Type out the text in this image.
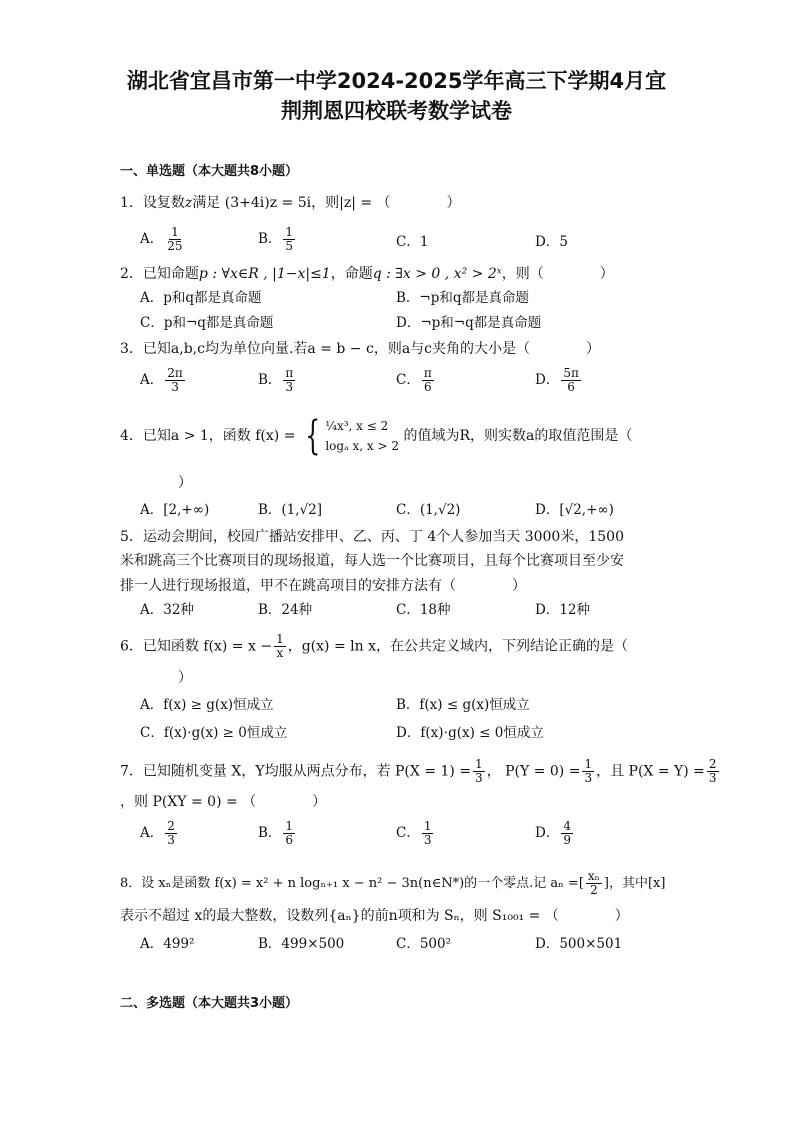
湖北省宜昌市第一中学2024-2025学年高三下学期4月宜
荆荆恩四校联考数学试卷
一、单选题（本大题共8小题）
1．设复数z满足 (3+4i)z = 5i，则|z| = （　　　　）
A． $\frac{1}{25}$	B． $\frac{1}{5}$	C．1	D．5
2．已知命题p : ∀x∈R , |1−x|≤1，命题q : ∃x > 0 , x² > 2ˣ，则（　　　　）
A．p和q都是真命题	B．¬p和q都是真命题
C．p和¬q都是真命题	D．¬p和¬q都是真命题
3．已知a,b,c均为单位向量.若a = b − c，则a与c夹角的大小是（　　　　）
A． $\frac{2\pi}{3}$	B． $\frac{\pi}{3}$	C． $\frac{\pi}{6}$	D． $\frac{5\pi}{6}$
4．已知a > 1，函数 f(x) = { ¼x³, x ≤ 2
logₐ x, x > 2
的值域为R，则实数a的取值范围是（
）
A．[2,+∞)	B．(1,√2]	C．(1,√2)	D．[√2,+∞)
5．运动会期间，校园广播站安排甲、乙、丙、丁 4个人参加当天 3000米，1500
米和跳高三个比赛项目的现场报道，每人选一个比赛项目，且每个比赛项目至少安
排一人进行现场报道，甲不在跳高项目的安排方法有（　　　　）
A．32种	B．24种	C．18种	D．12种
6．已知函数 $f(x) = x - \frac{1}{x}$ ，g(x) = ln x，在公共定义域内，下列结论正确的是（
）
A．f(x) ≥ g(x)恒成立	B．f(x) ≤ g(x)恒成立
C．f(x)⋅g(x) ≥ 0恒成立	D．f(x)⋅g(x) ≤ 0恒成立
7．已知随机变量 X，Y均服从两点分布，若 $P(X = 1) = \frac{1}{3}$ ， $P(Y = 0) = \frac{1}{3}$ ，且 $P(X = Y) = \frac{2}{3}$
，则 P(XY = 0) = （　　　　）
A． $\frac{2}{3}$	B． $\frac{1}{6}$	C． $\frac{1}{3}$	D． $\frac{4}{9}$
8．设 xₙ是函数 f(x) = x² + n logₙ₊₁ x − n² − 3n(n∈N*)的一个零点.记 aₙ =[ $\frac{\text{xₙ}}{2}$ ]，其中[x]
表示不超过 x的最大整数，设数列{aₙ}的前n项和为 Sₙ，则 S₁₀₀₁ = （　　　　）
A．499²	B．499×500	C．500²	D．500×501
二、多选题（本大题共3小题）
